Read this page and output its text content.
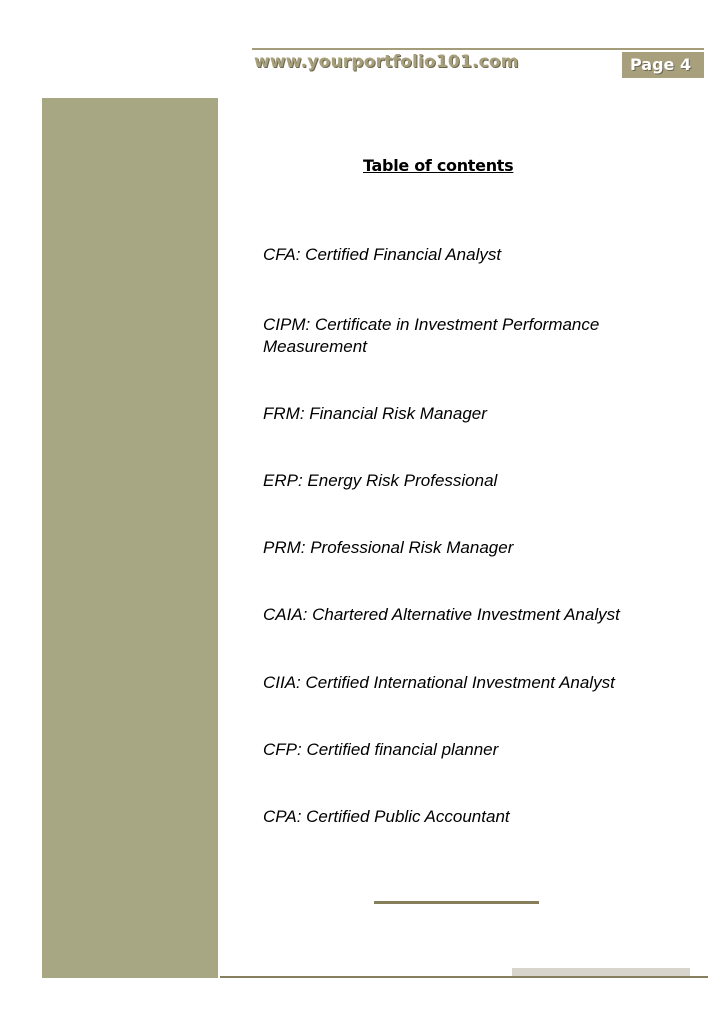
www.yourportfolio101.com	Page 4
Table of contents
CFA: Certified Financial Analyst
CIPM: Certificate in Investment Performance Measurement
FRM: Financial Risk Manager
ERP: Energy Risk Professional
PRM: Professional Risk Manager
CAIA: Chartered Alternative Investment Analyst
CIIA: Certified International Investment Analyst
CFP: Certified financial planner
CPA: Certified Public Accountant
